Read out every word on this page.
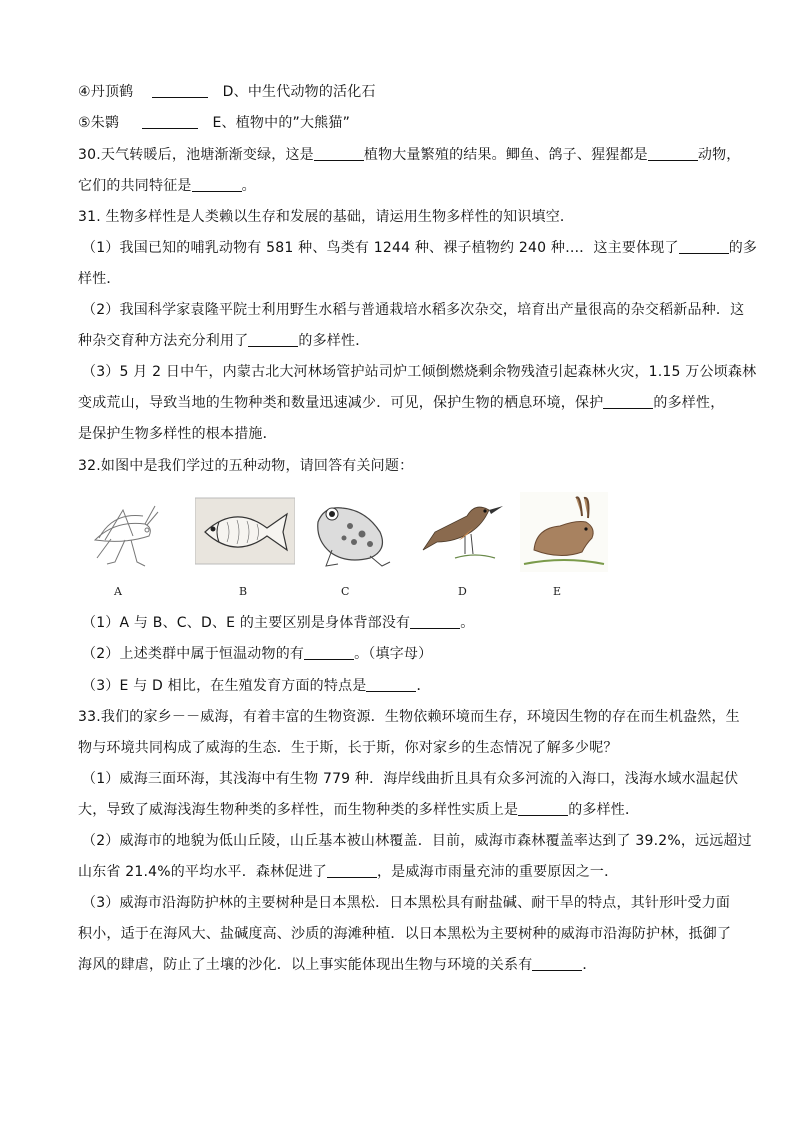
④丹顶鹤	D、中生代动物的活化石
⑤朱鹮	E、植物中的”大熊猫”
30.天气转暖后，池塘渐渐变绿，这是	植物大量繁殖的结果。鲫鱼、鸽子、猩猩都是	动物，
它们的共同特征是	。
31. 生物多样性是人类赖以生存和发展的基础，请运用生物多样性的知识填空．
（1）我国已知的哺乳动物有 581 种、鸟类有 1244 种、裸子植物约 240 种…．这主要体现了	的多
样性．
（2）我国科学家袁隆平院士利用野生水稻与普通栽培水稻多次杂交，培育出产量很高的杂交稻新品种．这
种杂交育种方法充分利用了	的多样性．
（3）5 月 2 日中午，内蒙古北大河林场管护站司炉工倾倒燃烧剩余物残渣引起森林火灾，1.15 万公顷森林
变成荒山，导致当地的生物种类和数量迅速减少．可见，保护生物的栖息环境，保护	的多样性，
是保护生物多样性的根本措施．
32.如图中是我们学过的五种动物，请回答有关问题：
A	B	C	D	E
（1）A 与 B、C、D、E 的主要区别是身体背部没有	。
（2）上述类群中属于恒温动物的有	。（填字母）
（3）E 与 D 相比，在生殖发育方面的特点是	．
33.我们的家乡－－威海，有着丰富的生物资源．生物依赖环境而生存，环境因生物的存在而生机盎然，生
物与环境共同构成了威海的生态．生于斯，长于斯，你对家乡的生态情况了解多少呢？
（1）威海三面环海，其浅海中有生物 779 种．海岸线曲折且具有众多河流的入海口，浅海水域水温起伏
大，导致了威海浅海生物种类的多样性，而生物种类的多样性实质上是	的多样性．
（2）威海市的地貌为低山丘陵，山丘基本被山林覆盖．目前，威海市森林覆盖率达到了 39.2%，远远超过
山东省 21.4%的平均水平．森林促进了	，是威海市雨量充沛的重要原因之一．
（3）威海市沿海防护林的主要树种是日本黑松．日本黑松具有耐盐碱、耐干旱的特点，其针形叶受力面
积小，适于在海风大、盐碱度高、沙质的海滩种植．以日本黑松为主要树种的威海市沿海防护林，抵御了
海风的肆虐，防止了土壤的沙化．以上事实能体现出生物与环境的关系有	．
